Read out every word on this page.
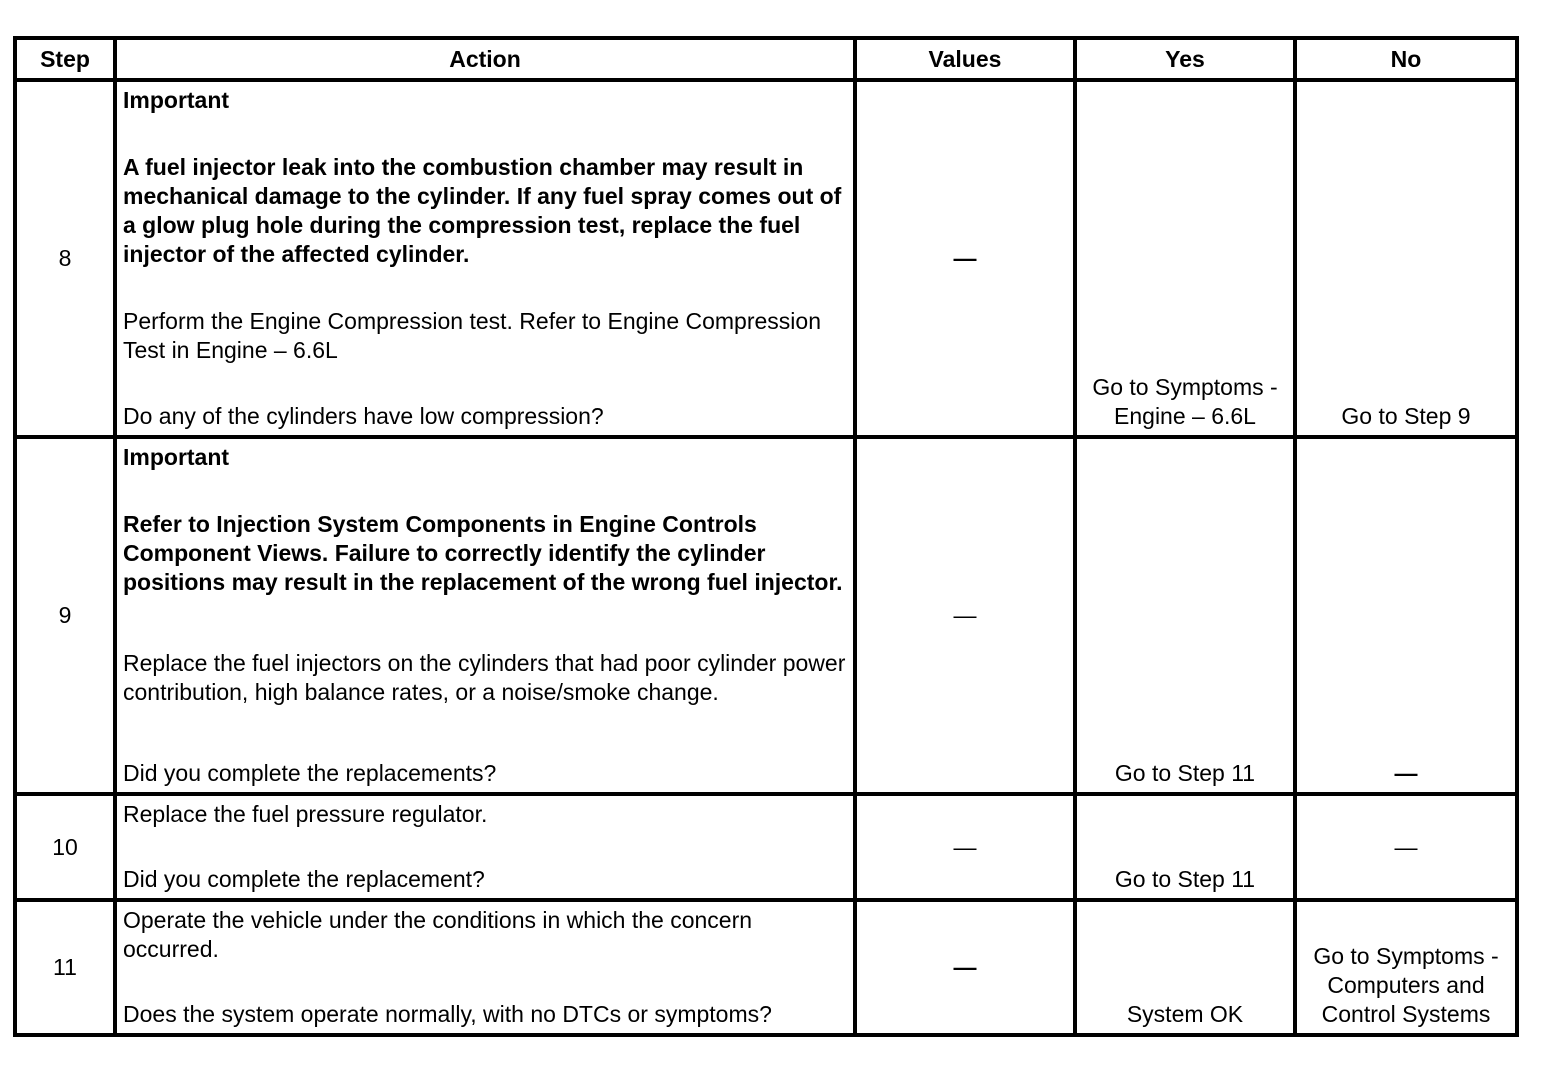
Step	Action	Values	Yes	No
8	Important
A fuel injector leak into the combustion chamber may result in mechanical damage to the cylinder. If any fuel spray comes out of a glow plug hole during the compression test, replace the fuel injector of the affected cylinder.
Perform the Engine Compression test. Refer to Engine Compression Test in Engine – 6.6L
Do any of the cylinders have low compression?	—	Go to Symptoms - Engine – 6.6L	Go to Step 9
9	Important
Refer to Injection System Components in Engine Controls Component Views. Failure to correctly identify the cylinder positions may result in the replacement of the wrong fuel injector.
Replace the fuel injectors on the cylinders that had poor cylinder power contribution, high balance rates, or a noise/smoke change.
Did you complete the replacements?	—	Go to Step 11	—
10	Replace the fuel pressure regulator.
Did you complete the replacement?	—	Go to Step 11	—
11	Operate the vehicle under the conditions in which the concern occurred.
Does the system operate normally, with no DTCs or symptoms?	—	System OK	Go to Symptoms - Computers and Control Systems
